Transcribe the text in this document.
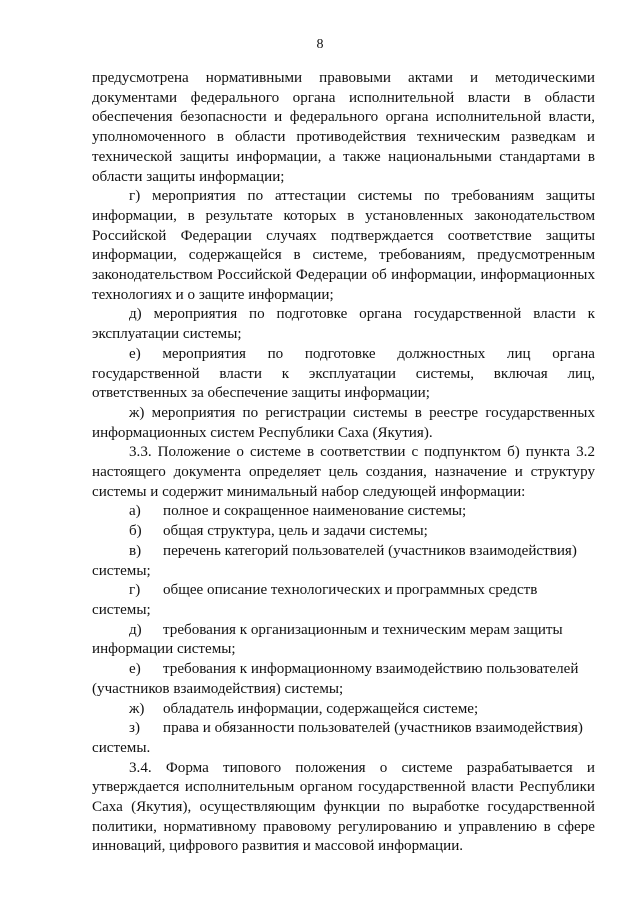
8

предусмотрена нормативными правовыми актами и методическими документами федерального органа исполнительной власти в области обеспечения безопасности и федерального органа исполнительной власти, уполномоченного в области противодействия техническим разведкам и технической защиты информации, а также национальными стандартами в области защиты информации;

г) мероприятия по аттестации системы по требованиям защиты информации, в результате которых в установленных законодательством Российской Федерации случаях подтверждается соответствие защиты информации, содержащейся в системе, требованиям, предусмотренным законодательством Российской Федерации об информации, информационных технологиях и о защите информации;

д) мероприятия по подготовке органа государственной власти к эксплуатации системы;

е) мероприятия по подготовке должностных лиц органа государственной власти к эксплуатации системы, включая лиц, ответственных за обеспечение защиты информации;

ж) мероприятия по регистрации системы в реестре государственных информационных систем Республики Саха (Якутия).

3.3. Положение о системе в соответствии с подпунктом б) пункта 3.2 настоящего документа определяет цель создания, назначение и структуру системы и содержит минимальный набор следующей информации:

а)	полное и сокращенное наименование системы;
б)	общая структура, цель и задачи системы;
в)	перечень категорий пользователей (участников взаимодействия)

системы;

г)	общее описание технологических и программных средств

системы;

д)	требования к организационным и техническим мерам защиты

информации системы;

е)	требования к информационному взаимодействию пользователей

(участников взаимодействия) системы;

ж)	обладатель информации, содержащейся системе;
з)	права и обязанности пользователей (участников взаимодействия)

системы.

3.4. Форма типового положения о системе разрабатывается и утверждается исполнительным органом государственной власти Республики Саха (Якутия), осуществляющим функции по выработке государственной политики, нормативному правовому регулированию и управлению в сфере инноваций, цифрового развития и массовой информации.
